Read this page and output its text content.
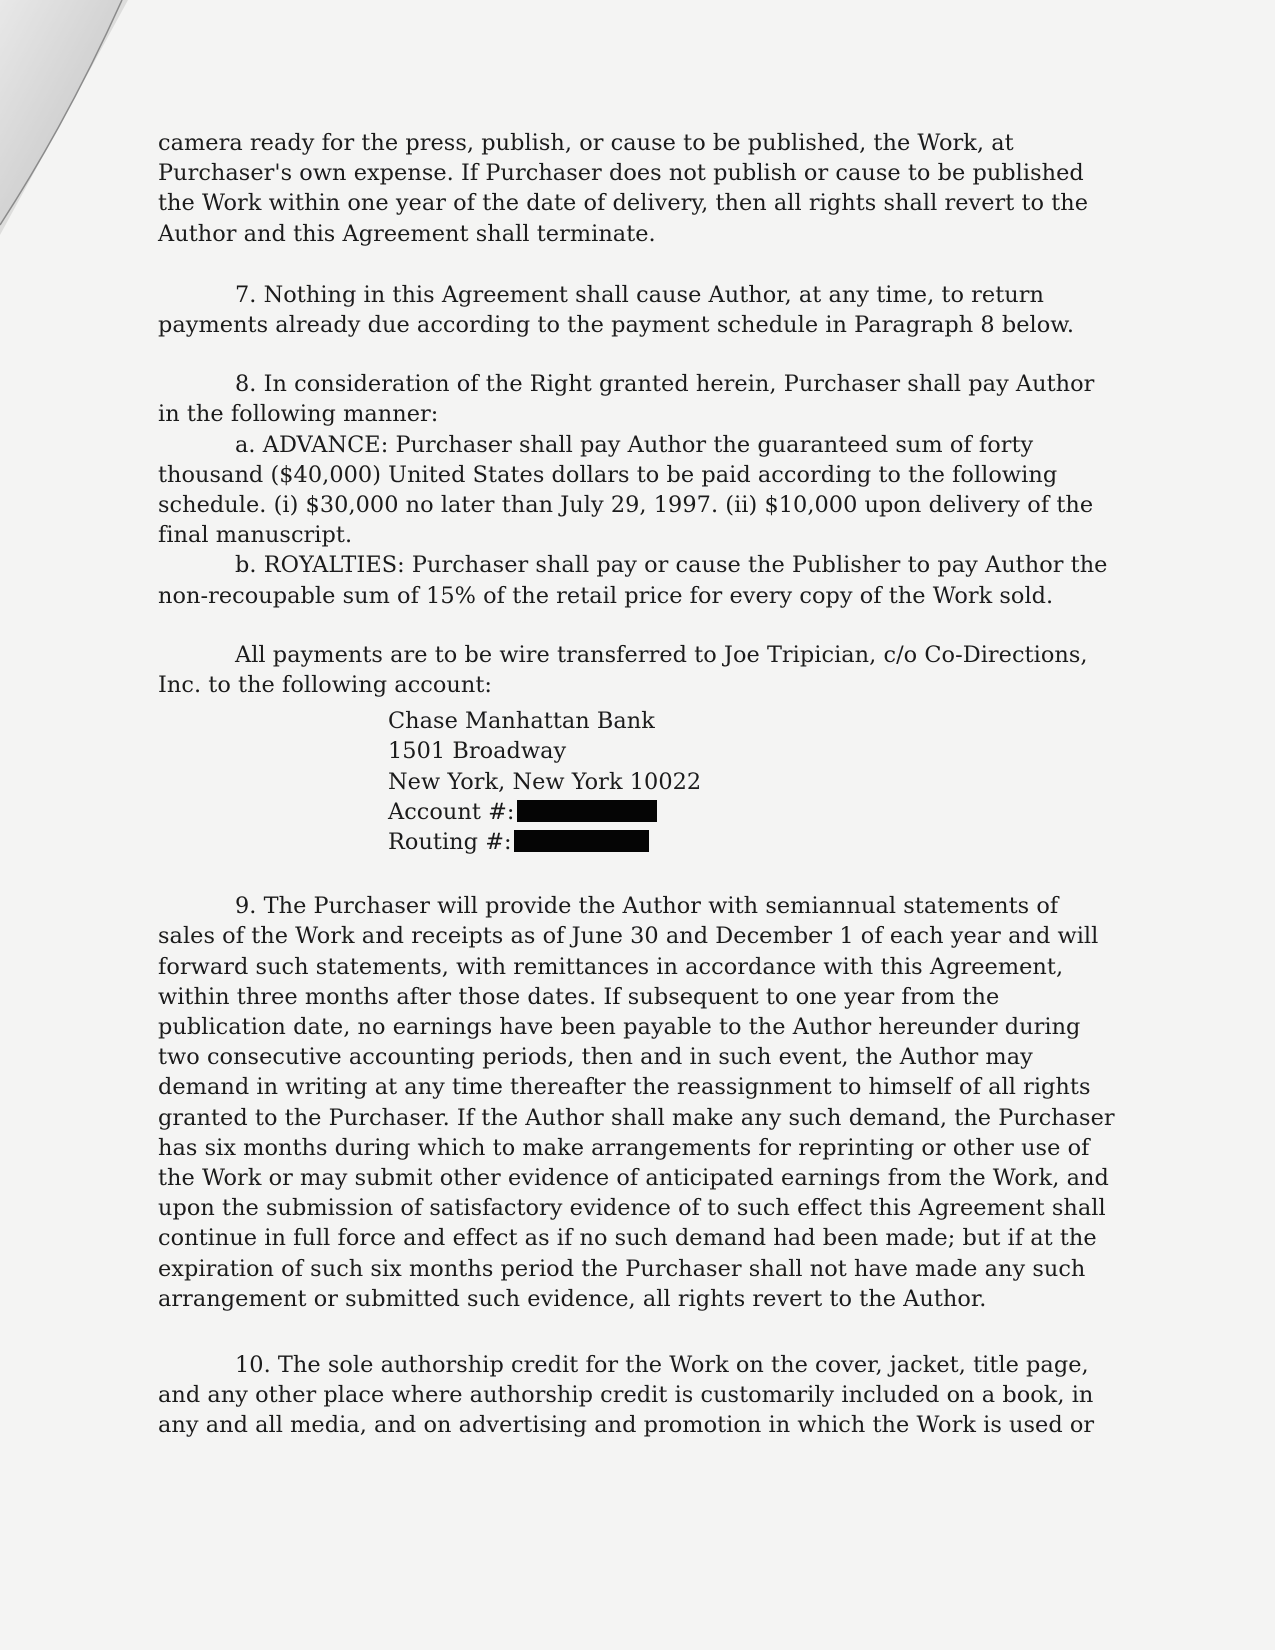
camera ready for the press, publish, or cause to be published, the Work, at Purchaser's own expense. If Purchaser does not publish or cause to be published the Work within one year of the date of delivery, then all rights shall revert to the Author and this Agreement shall terminate.

7. Nothing in this Agreement shall cause Author, at any time, to return payments already due according to the payment schedule in Paragraph 8 below.

8. In consideration of the Right granted herein, Purchaser shall pay Author in the following manner:

a. ADVANCE: Purchaser shall pay Author the guaranteed sum of forty thousand ($40,000) United States dollars to be paid according to the following schedule. (i) $30,000 no later than July 29, 1997. (ii) $10,000 upon delivery of the final manuscript.

b. ROYALTIES: Purchaser shall pay or cause the Publisher to pay Author the non-recoupable sum of 15% of the retail price for every copy of the Work sold.

All payments are to be wire transferred to Joe Tripician, c/o Co-Directions, Inc. to the following account:

Chase Manhattan Bank
1501 Broadway
New York, New York 10022
Account #:
Routing #:

9. The Purchaser will provide the Author with semiannual statements of sales of the Work and receipts as of June 30 and December 1 of each year and will forward such statements, with remittances in accordance with this Agreement, within three months after those dates. If subsequent to one year from the publication date, no earnings have been payable to the Author hereunder during two consecutive accounting periods, then and in such event, the Author may demand in writing at any time thereafter the reassignment to himself of all rights granted to the Purchaser. If the Author shall make any such demand, the Purchaser has six months during which to make arrangements for reprinting or other use of the Work or may submit other evidence of anticipated earnings from the Work, and upon the submission of satisfactory evidence of to such effect this Agreement shall continue in full force and effect as if no such demand had been made; but if at the expiration of such six months period the Purchaser shall not have made any such arrangement or submitted such evidence, all rights revert to the Author.

10. The sole authorship credit for the Work on the cover, jacket, title page, and any other place where authorship credit is customarily included on a book, in any and all media, and on advertising and promotion in which the Work is used or
